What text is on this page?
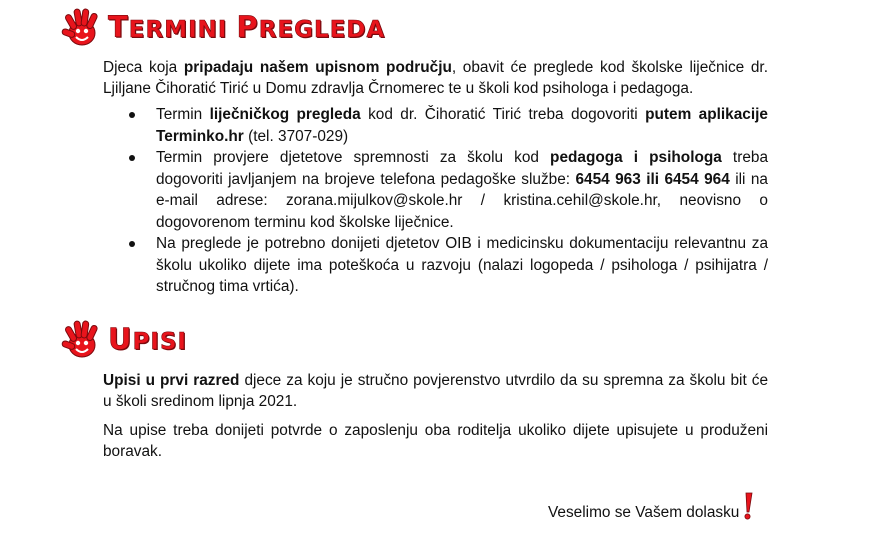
TERMINI PREGLEDA
Djeca koja pripadaju našem upisnom području, obavit će preglede kod školske liječnice dr. Ljiljane Čihoratić Tirić u Domu zdravlja Črnomerec te u školi kod psihologa i pedagoga.
Termin liječničkog pregleda kod dr. Čihoratić Tirić treba dogovoriti putem aplikacije Terminko.hr (tel. 3707-029)
Termin provjere djetetove spremnosti za školu kod pedagoga i psihologa treba dogovoriti javljanjem na brojeve telefona pedagoške službe: 6454 963 ili 6454 964 ili na e-mail adrese: zorana.mijulkov@skole.hr / kristina.cehil@skole.hr, neovisno o dogovorenom terminu kod školske liječnice.
Na preglede je potrebno donijeti djetetov OIB i medicinsku dokumentaciju relevantnu za školu ukoliko dijete ima poteškoća u razvoju (nalazi logopeda / psihologa / psihijatra / stručnog tima vrtića).
UPISI
Upisi u prvi razred djece za koju je stručno povjerenstvo utvrdilo da su spremna za školu bit će u školi sredinom lipnja 2021.
Na upise treba donijeti potvrde o zaposlenju oba roditelja ukoliko dijete upisujete u produženi boravak.
Veselimo se Vašem dolasku
